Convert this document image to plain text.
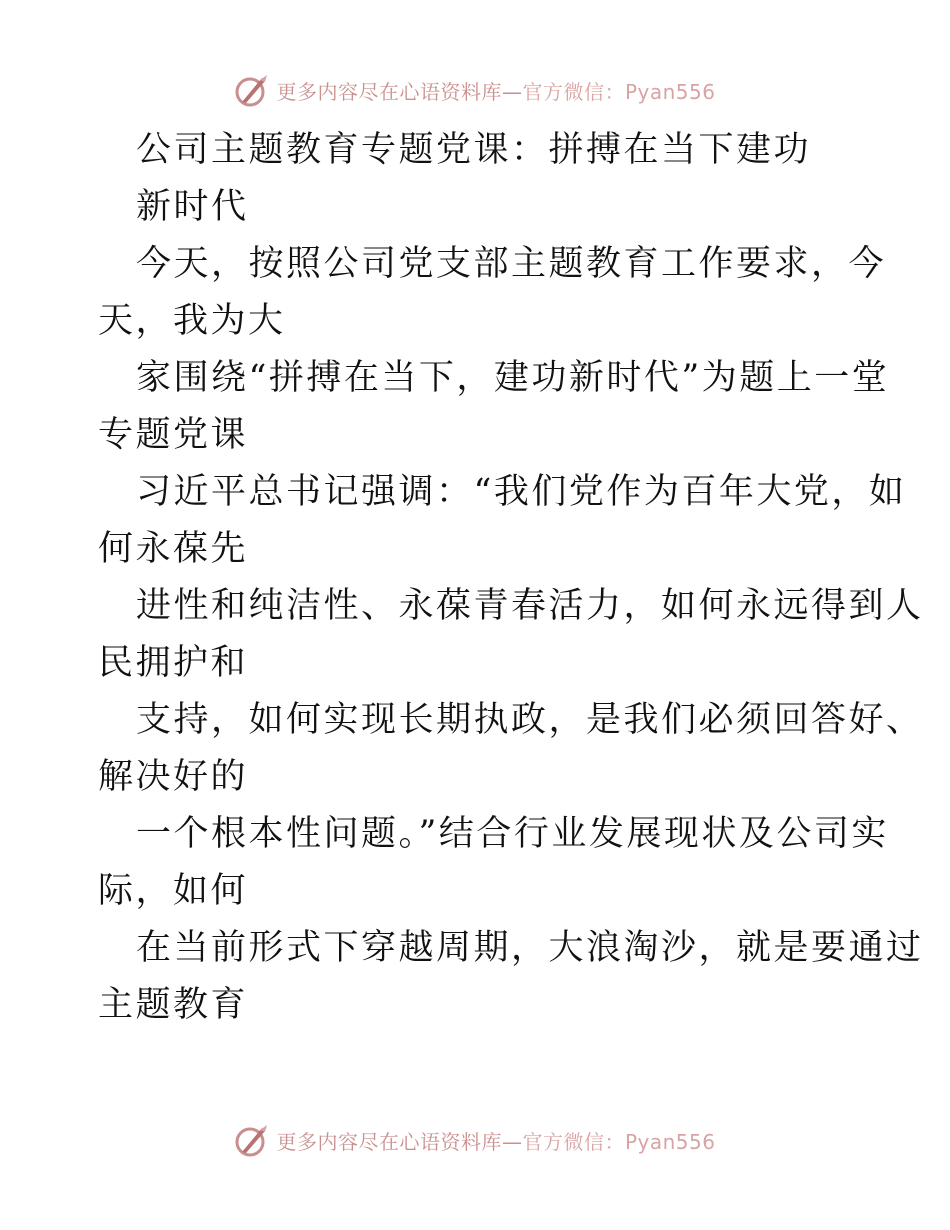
更多内容尽在心语资料库—官方微信：Pyan556

公司主题教育专题党课：拼搏在当下建功

新时代

今天，按照公司党支部主题教育工作要求，今

天，我为大

家围绕“拼搏在当下，建功新时代”为题上一堂

专题党课

习近平总书记强调：“我们党作为百年大党，如

何永葆先

进性和纯洁性、永葆青春活力，如何永远得到人

民拥护和

支持，如何实现长期执政，是我们必须回答好、

解决好的

一个根本性问题。”结合行业发展现状及公司实

际，如何

在当前形式下穿越周期，大浪淘沙，就是要通过

主题教育

更多内容尽在心语资料库—官方微信：Pyan556
